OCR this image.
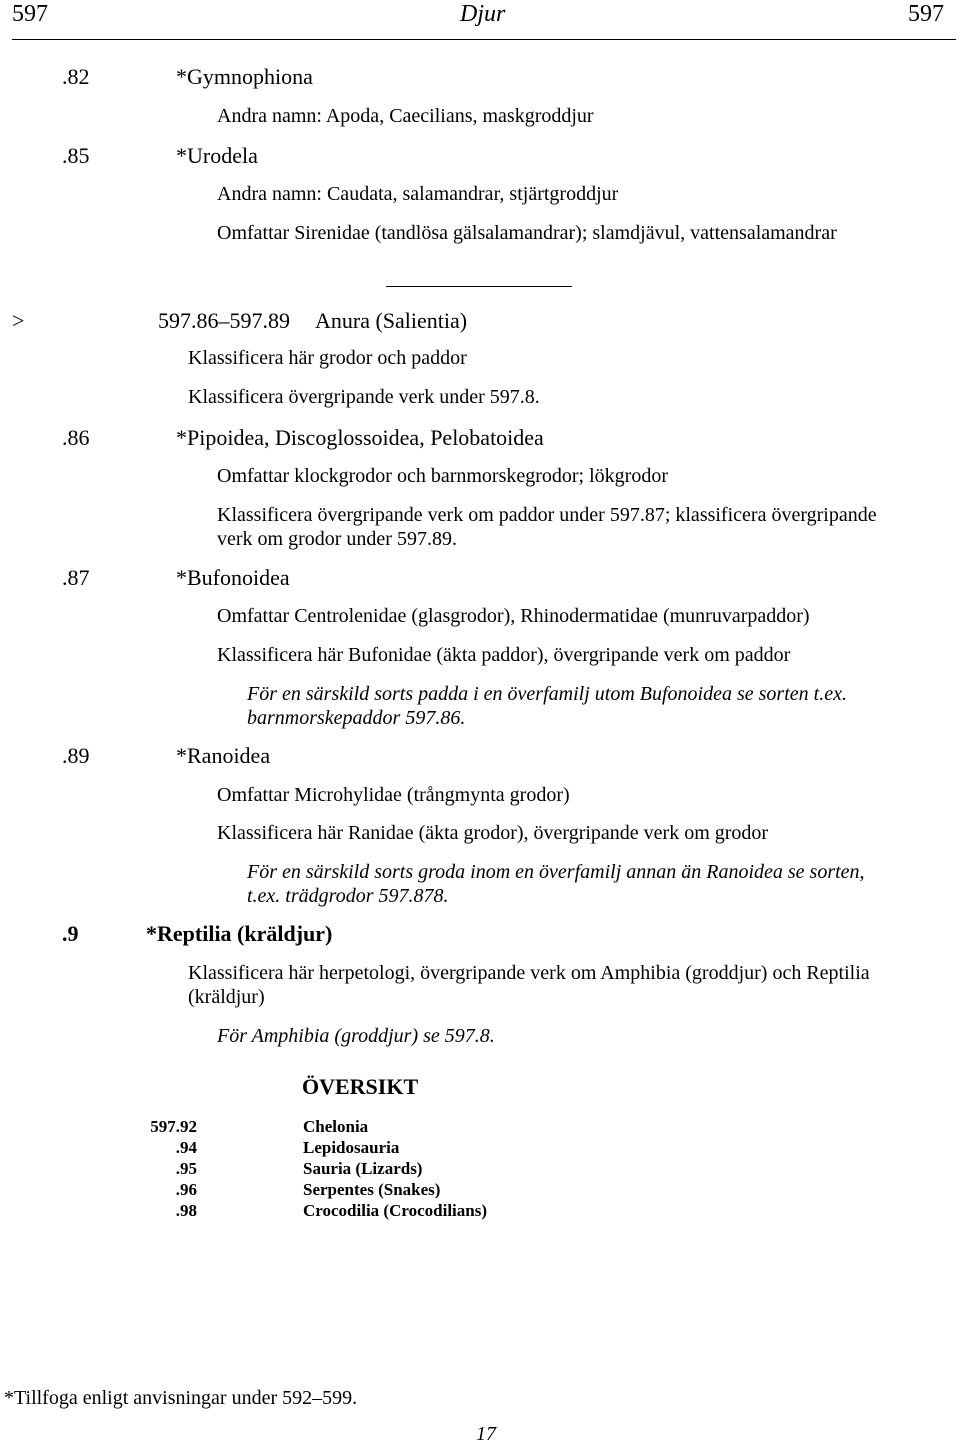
597	Djur	597
.82	*Gymnophiona
Andra namn: Apoda, Caecilians, maskgroddjur
.85	*Urodela
Andra namn: Caudata, salamandrar, stjärtgroddjur
Omfattar Sirenidae (tandlösa gälsalamandrar); slamdjävul, vattensalamandrar
>	597.86–597.89 Anura (Salientia)
Klassificera här grodor och paddor
Klassificera övergripande verk under 597.8.
.86	*Pipoidea, Discoglossoidea, Pelobatoidea
Omfattar klockgrodor och barnmorskegrodor; lökgrodor
Klassificera övergripande verk om paddor under 597.87; klassificera övergripande
verk om grodor under 597.89.
.87	*Bufonoidea
Omfattar Centrolenidae (glasgrodor), Rhinodermatidae (munruvarpaddor)
Klassificera här Bufonidae (äkta paddor), övergripande verk om paddor
För en särskild sorts padda i en överfamilj utom Bufonoidea se sorten t.ex.
barnmorskepaddor 597.86.
.89	*Ranoidea
Omfattar Microhylidae (trångmynta grodor)
Klassificera här Ranidae (äkta grodor), övergripande verk om grodor
För en särskild sorts groda inom en överfamilj annan än Ranoidea se sorten,
t.ex. trädgrodor 597.878.
.9	*Reptilia (kräldjur)
Klassificera här herpetologi, övergripande verk om Amphibia (groddjur) och Reptilia
(kräldjur)
För Amphibia (groddjur) se 597.8.
ÖVERSIKT
597.92	Chelonia
.94	Lepidosauria
.95	Sauria (Lizards)
.96	Serpentes (Snakes)
.98	Crocodilia (Crocodilians)
*Tillfoga enligt anvisningar under 592–599.
17
